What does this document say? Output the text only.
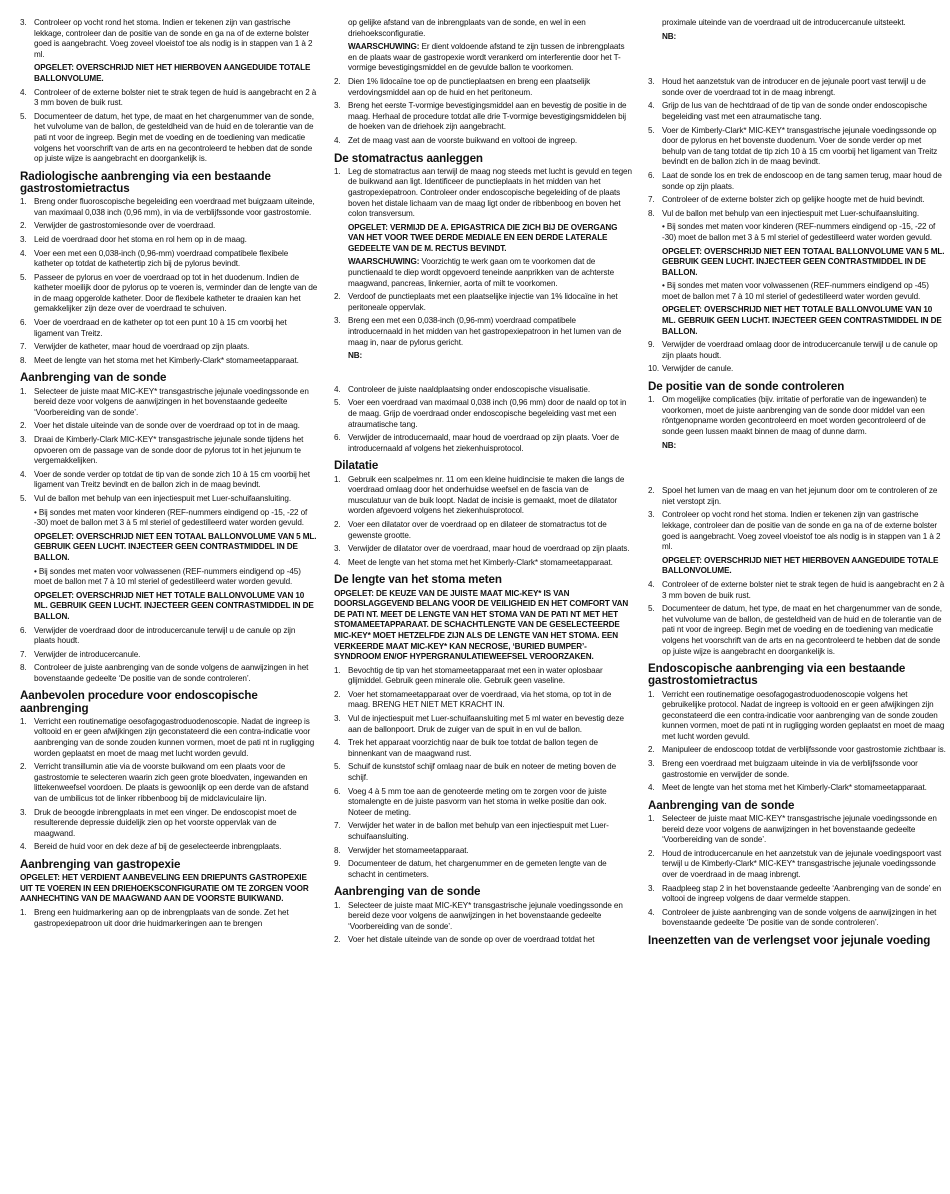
3. Controleer op vocht rond het stoma. Indien er tekenen zijn van gastrische lekkage, controleer dan de positie van de sonde en ga na of de externe bolster goed is aangebracht. Voeg zoveel vloeistof toe als nodig is in stappen van 1 à 2 ml.
OPGELET: OVERSCHRIJD NIET HET HIERBOVEN AANGEDUIDE TOTALE BALLONVOLUME.
4. Controleer of de externe bolster niet te strak tegen de huid is aangebracht en 2 à 3 mm boven de buik rust.
5. Documenteer de datum, het type, de maat en het chargenummer van de sonde, het vulvolume van de ballon, de gesteldheid van de huid en de tolerantie van de pati nt voor de ingreep. Begin met de voeding en de toediening van medicatie volgens het voorschrift van de arts en na gecontroleerd te hebben dat de sonde op juiste wijze is aangebracht en doorgankelijk is.
Radiologische aanbrenging via een bestaande gastrostomietractus
1. Breng onder fluoroscopische begeleiding een voerdraad met buigzaam uiteinde, van maximaal 0,038 inch (0,96 mm), in via de verblijfssonde voor gastrostomie.
2. Verwijder de gastrostomiesonde over de voerdraad.
3. Leid de voerdraad door het stoma en rol hem op in de maag.
4. Voer een met een 0,038-inch (0,96-mm) voerdraad compatibele flexibele katheter op totdat de kathetertip zich bij de pylorus bevindt.
5. Passeer de pylorus en voer de voerdraad op tot in het duodenum. Indien de katheter moeilijk door de pylorus op te voeren is, verminder dan de lengte van de in de maag opgerolde katheter. Door de flexibele katheter te draaien kan het gemakkelijker zijn deze over de voerdraad te schuiven.
6. Voer de voerdraad en de katheter op tot een punt 10 à 15 cm voorbij het ligament van Treitz.
7. Verwijder de katheter, maar houd de voerdraad op zijn plaats.
8. Meet de lengte van het stoma met het Kimberly-Clark* stomameetapparaat.
Aanbrenging van de sonde
1. Selecteer de juiste maat MIC-KEY* transgastrische jejunale voedingssonde en bereid deze voor volgens de aanwijzingen in het bovenstaande gedeelte ‘Voorbereiding van de sonde’.
2. Voer het distale uiteinde van de sonde over de voerdraad op tot in de maag.
3. Draai de Kimberly-Clark MIC-KEY* transgastrische jejunale sonde tijdens het opvoeren om de passage van de sonde door de pylorus tot in het jejunum te vergemakkelijken.
4. Voer de sonde verder op totdat de tip van de sonde zich 10 à 15 cm voorbij het ligament van Treitz bevindt en de ballon zich in de maag bevindt.
5. Vul de ballon met behulp van een injectiespuit met Luer-schuifaansluiting.
• Bij sondes met maten voor kinderen (REF-nummers eindigend op -15, -22 of -30) moet de ballon met 3 à 5 ml steriel of gedestilleerd water worden gevuld.
OPGELET: OVERSCHRIJD NIET EEN TOTAAL BALLONVOLUME VAN 5 ML. GEBRUIK GEEN LUCHT. INJECTEER GEEN CONTRASTMIDDEL IN DE BALLON.
• Bij sondes met maten voor volwassenen (REF-nummers eindigend op -45) moet de ballon met 7 à 10 ml steriel of gedestilleerd water worden gevuld.
OPGELET: OVERSCHRIJD NIET HET TOTALE BALLONVOLUME VAN 10 ML. GEBRUIK GEEN LUCHT. INJECTEER GEEN CONTRASTMIDDEL IN DE BALLON.
6. Verwijder de voerdraad door de introducercanule terwijl u de canule op zijn plaats houdt.
7. Verwijder de introducercanule.
8. Controleer de juiste aanbrenging van de sonde volgens de aanwijzingen in het bovenstaande gedeelte ‘De positie van de sonde controleren’.
Aanbevolen procedure voor endoscopische aanbrenging
1. Verricht een routinematige oesofagogastroduodenoscopie. Nadat de ingreep is voltooid en er geen afwijkingen zijn geconstateerd die een contra-indicatie voor aanbrenging van de sonde zouden kunnen vormen, moet de pati nt in rugligging worden geplaatst en moet de maag met lucht worden gevuld.
2. Verricht transillumin atie via de voorste buikwand om een plaats voor de gastrostomie te selecteren waarin zich geen grote bloedvaten, ingewanden en littekenweefsel voordoen. De plaats is gewoonlijk op een derde van de afstand van de umbilicus tot de linker ribbenboog bij de midclaviculaire lijn.
3. Druk de beoogde inbrengplaats in met een vinger. De endoscopist moet de resulterende depressie duidelijk zien op het voorste oppervlak van de maagwand.
4. Bereid de huid voor en dek deze af bij de geselecteerde inbrengplaats.
Aanbrenging van gastropexie
OPGELET: HET VERDIENT AANBEVELING EEN DRIEPUNTS GASTROPEXIE UIT TE VOEREN IN EEN DRIEHOEKSCONFIGURATIE OM TE ZORGEN VOOR AANHECHTING VAN DE MAAGWAND AAN DE VOORSTE BUIKWAND.
1. Breng een huidmarkering aan op de inbrengplaats van de sonde. Zet het gastropexiepatroon uit door drie huidmarkeringen aan te brengen
op gelijke afstand van de inbrengplaats van de sonde, en wel in een driehoeksconfiguratie.
WAARSCHUWING: Er dient voldoende afstand te zijn tussen de inbrengplaats en de plaats waar de gastropexie wordt verankerd om interferentie door het T-vormige bevestigingsmiddel en de gevulde ballon te voorkomen.
2. Dien 1% lidocaïne toe op de punctieplaatsen en breng een plaatselijk verdovingsmiddel aan op de huid en het peritoneum.
3. Breng het eerste T-vormige bevestigingsmiddel aan en bevestig de positie in de maag. Herhaal de procedure totdat alle drie T-vormige bevestigingsmiddelen bij de hoeken van de driehoek zijn aangebracht.
4. Zet de maag vast aan de voorste buikwand en voltooi de ingreep.
De stomatractus aanleggen
1. Leg de stomatractus aan terwijl de maag nog steeds met lucht is gevuld en tegen de buikwand aan ligt. Identificeer de punctieplaats in het midden van het gastropexiepatroon. Controleer onder endoscopische begeleiding of de plaats boven het distale lichaam van de maag ligt onder de ribbenboog en boven het colon transversum.
OPGELET: VERMIJD DE A. EPIGASTRICA DIE ZICH BIJ DE OVERGANG VAN HET VOOR TWEE DERDE MEDIALE EN EEN DERDE LATERALE GEDEELTE VAN DE M. RECTUS BEVINDT.
WAARSCHUWING: Voorzichtig te werk gaan om te voorkomen dat de punctienaald te diep wordt opgevoerd teneinde aanprikken van de achterste maagwand, pancreas, linkernier, aorta of milt te voorkomen.
2. Verdoof de punctieplaats met een plaatselijke injectie van 1% lidocaïne in het peritoneale oppervlak.
3. Breng een met een 0,038-inch (0,96-mm) voerdraad compatibele introducernaald in het midden van het gastropexiepatroon in het lumen van de maag in, naar de pylorus gericht.
NB:
4. Controleer de juiste naaldplaatsing onder endoscopische visualisatie.
5. Voer een voerdraad van maximaal 0,038 inch (0,96 mm) door de naald op tot in de maag. Grijp de voerdraad onder endoscopische begeleiding vast met een atraumatische tang.
6. Verwijder de introducernaald, maar houd de voerdraad op zijn plaats. Voer de introducernaald af volgens het ziekenhuisprotocol.
Dilatatie
1. Gebruik een scalpelmes nr. 11 om een kleine huidincisie te maken die langs de voerdraad omlaag door het onderhuidse weefsel en de fascia van de musculatuur van de buik loopt. Nadat de incisie is gemaakt, moet de dilatator worden afgevoerd volgens het ziekenhuisprotocol.
2. Voer een dilatator over de voerdraad op en dilateer de stomatractus tot de gewenste grootte.
3. Verwijder de dilatator over de voerdraad, maar houd de voerdraad op zijn plaats.
4. Meet de lengte van het stoma met het Kimberly-Clark* stomameetapparaat.
De lengte van het stoma meten
OPGELET: DE KEUZE VAN DE JUISTE MAAT MIC-KEY* IS VAN DOORSLAGGEVEND BELANG VOOR DE VEILIGHEID EN HET COMFORT VAN DE PATI NT. MEET DE LENGTE VAN HET STOMA VAN DE PATI NT MET HET STOMAMEETAPPARAAT. DE SCHACHTLENGTE VAN DE GESELECTEERDE MIC-KEY* MOET HETZELFDE ZIJN ALS DE LENGTE VAN HET STOMA. EEN VERKEERDE MAAT MIC-KEY* KAN NECROSE, ‘BURIED BUMPER’-SYNDROOM EN/OF HYPERGRANULATIEWEEFSEL VEROORZAKEN.
1. Bevochtig de tip van het stomameetapparaat met een in water oplosbaar glijmiddel. Gebruik geen minerale olie. Gebruik geen vaseline.
2. Voer het stomameetapparaat over de voerdraad, via het stoma, op tot in de maag. BRENG HET NIET MET KRACHT IN.
3. Vul de injectiespuit met Luer-schuifaansluiting met 5 ml water en bevestig deze aan de ballonpoort. Druk de zuiger van de spuit in en vul de ballon.
4. Trek het apparaat voorzichtig naar de buik toe totdat de ballon tegen de binnenkant van de maagwand rust.
5. Schuif de kunststof schijf omlaag naar de buik en noteer de meting boven de schijf.
6. Voeg 4 à 5 mm toe aan de genoteerde meting om te zorgen voor de juiste stomalengte en de juiste pasvorm van het stoma in welke positie dan ook. Noteer de meting.
7. Verwijder het water in de ballon met behulp van een injectiespuit met Luer-schuifaansluiting.
8. Verwijder het stomameetapparaat.
9. Documenteer de datum, het chargenummer en de gemeten lengte van de schacht in centimeters.
Aanbrenging van de sonde
1. Selecteer de juiste maat MIC-KEY* transgastrische jejunale voedingssonde en bereid deze voor volgens de aanwijzingen in het bovenstaande gedeelte ‘Voorbereiding van de sonde’.
2. Voer het distale uiteinde van de sonde op over de voerdraad totdat het
proximale uiteinde van de voerdraad uit de introducercanule uitsteekt.
NB:
3. Houd het aanzetstuk van de introducer en de jejunale poort vast terwijl u de sonde over de voerdraad tot in de maag inbrengt.
4. Grijp de lus van de hechtdraad of de tip van de sonde onder endoscopische begeleiding vast met een atraumatische tang.
5. Voer de Kimberly-Clark* MIC-KEY* transgastrische jejunale voedingssonde op door de pylorus en het bovenste duodenum. Voer de sonde verder op met behulp van de tang totdat de tip zich 10 à 15 cm voorbij het ligament van Treitz bevindt en de ballon zich in de maag bevindt.
6. Laat de sonde los en trek de endoscoop en de tang samen terug, maar houd de sonde op zijn plaats.
7. Controleer of de externe bolster zich op gelijke hoogte met de huid bevindt.
8. Vul de ballon met behulp van een injectiespuit met Luer-schuifaansluiting.
• Bij sondes met maten voor kinderen (REF-nummers eindigend op -15, -22 of -30) moet de ballon met 3 à 5 ml steriel of gedestilleerd water worden gevuld.
OPGELET: OVERSCHRIJD NIET EEN TOTAAL BALLONVOLUME VAN 5 ML. GEBRUIK GEEN LUCHT. INJECTEER GEEN CONTRASTMIDDEL IN DE BALLON.
• Bij sondes met maten voor volwassenen (REF-nummers eindigend op -45) moet de ballon met 7 à 10 ml steriel of gedestilleerd water worden gevuld.
OPGELET: OVERSCHRIJD NIET HET TOTALE BALLONVOLUME VAN 10 ML. GEBRUIK GEEN LUCHT. INJECTEER GEEN CONTRASTMIDDEL IN DE BALLON.
9. Verwijder de voerdraad omlaag door de introducercanule terwijl u de canule op zijn plaats houdt.
10. Verwijder de canule.
De positie van de sonde controleren
1. Om mogelijke complicaties (bijv. irritatie of perforatie van de ingewanden) te voorkomen, moet de juiste aanbrenging van de sonde door middel van een röntgenopname worden gecontroleerd en moet worden gecontroleerd of de sonde geen lussen maakt binnen de maag of dunne darm.
NB:
2. Spoel het lumen van de maag en van het jejunum door om te controleren of ze niet verstopt zijn.
3. Controleer op vocht rond het stoma. Indien er tekenen zijn van gastrische lekkage, controleer dan de positie van de sonde en ga na of de externe bolster goed is aangebracht. Voeg zoveel vloeistof toe als nodig is in stappen van 1 à 2 ml.
OPGELET: OVERSCHRIJD NIET HET HIERBOVEN AANGEDUIDE TOTALE BALLONVOLUME.
4. Controleer of de externe bolster niet te strak tegen de huid is aangebracht en 2 à 3 mm boven de buik rust.
5. Documenteer de datum, het type, de maat en het chargenummer van de sonde, het vulvolume van de ballon, de gesteldheid van de huid en de tolerantie van de pati nt voor de ingreep. Begin met de voeding en de toediening van medicatie volgens het voorschrift van de arts en na gecontroleerd te hebben dat de sonde op juiste wijze is aangebracht en doorgankelijk is.
Endoscopische aanbrenging via een bestaande gastrostomietractus
1. Verricht een routinematige oesofagogastroduodenoscopie volgens het gebruikelijke protocol. Nadat de ingreep is voltooid en er geen afwijkingen zijn geconstateerd die een contra-indicatie voor aanbrenging van de sonde zouden kunnen vormen, moet de pati nt in rugligging worden geplaatst en moet de maag met lucht worden gevuld.
2. Manipuleer de endoscoop totdat de verblijfssonde voor gastrostomie zichtbaar is.
3. Breng een voerdraad met buigzaam uiteinde in via de verblijfssonde voor gastrostomie en verwijder de sonde.
4. Meet de lengte van het stoma met het Kimberly-Clark* stomameetapparaat.
Aanbrenging van de sonde
1. Selecteer de juiste maat MIC-KEY* transgastrische jejunale voedingssonde en bereid deze voor volgens de aanwijzingen in het bovenstaande gedeelte ‘Voorbereiding van de sonde’.
2. Houd de introducercanule en het aanzetstuk van de jejunale voedingspoort vast terwijl u de Kimberly-Clark* MIC-KEY* transgastrische jejunale voedingssonde over de voerdraad in de maag inbrengt.
3. Raadpleeg stap 2 in het bovenstaande gedeelte ‘Aanbrenging van de sonde’ en voltooi de ingreep volgens de daar vermelde stappen.
4. Controleer de juiste aanbrenging van de sonde volgens de aanwijzingen in het bovenstaande gedeelte ‘De positie van de sonde controleren’.
Ineenzetten van de verlengset voor jejunale voeding
